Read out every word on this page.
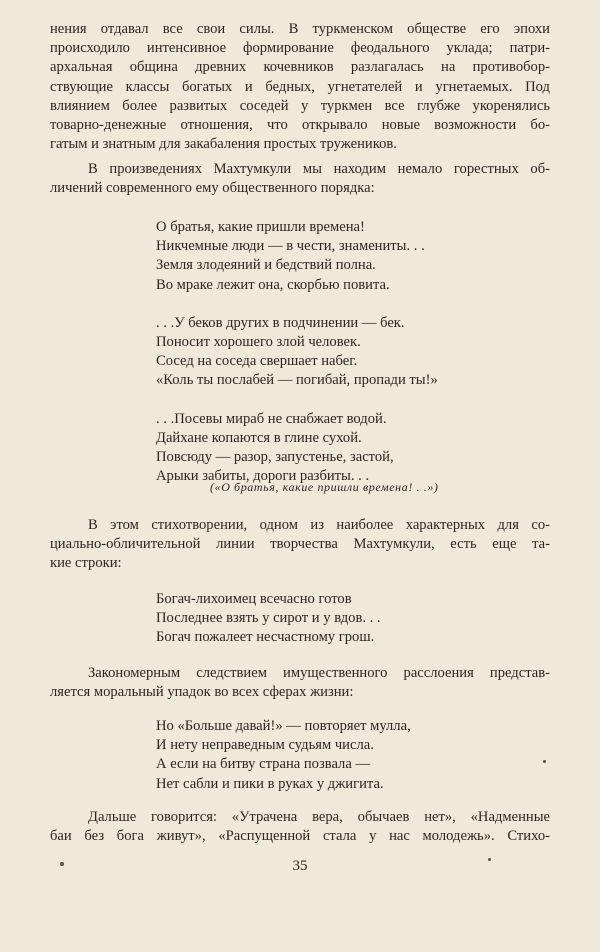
нения отдавал все свои силы. В туркменском обществе его эпохи
происходило интенсивное формирование феодального уклада; патри-
архальная община древних кочевников разлагалась на противобор-
ствующие классы богатых и бедных, угнетателей и угнетаемых. Под
влиянием более развитых соседей у туркмен все глубже укоренялись
товарно-денежные отношения, что открывало новые возможности бо-
гатым и знатным для закабаления простых тружеников.
В произведениях Махтумкули мы находим немало горестных об-
личений современного ему общественного порядка:
О братья, какие пришли времена!
Никчемные люди — в чести, знамениты. . .
Земля злодеяний и бедствий полна.
Во мраке лежит она, скорбью повита.
. . .У беков других в подчинении — бек.
Поносит хорошего злой человек.
Сосед на соседа свершает набег.
«Коль ты послабей — погибай, пропади ты!»
. . .Посевы мираб не снабжает водой.
Дайхане копаются в глине сухой.
Повсюду — разор, запустенье, застой,
Арыки забиты, дороги разбиты. . .
(«О братья, какие пришли времена! . .»)
В этом стихотворении, одном из наиболее характерных для со-
циально-обличительной линии творчества Махтумкули, есть еще та-
кие строки:
Богач-лихоимец всечасно готов
Последнее взять у сирот и у вдов. . .
Богач пожалеет несчастному грош.
Закономерным следствием имущественного расслоения представ-
ляется моральный упадок во всех сферах жизни:
Но «Больше давай!» — повторяет мулла,
И нету неправедным судьям числа.
А если на битву страна позвала —
Нет сабли и пики в руках у джигита.
Дальше говорится: «Утрачена вера, обычаев нет», «Надменные
баи без бога живут», «Распущенной стала у нас молодежь». Стихо-
35
